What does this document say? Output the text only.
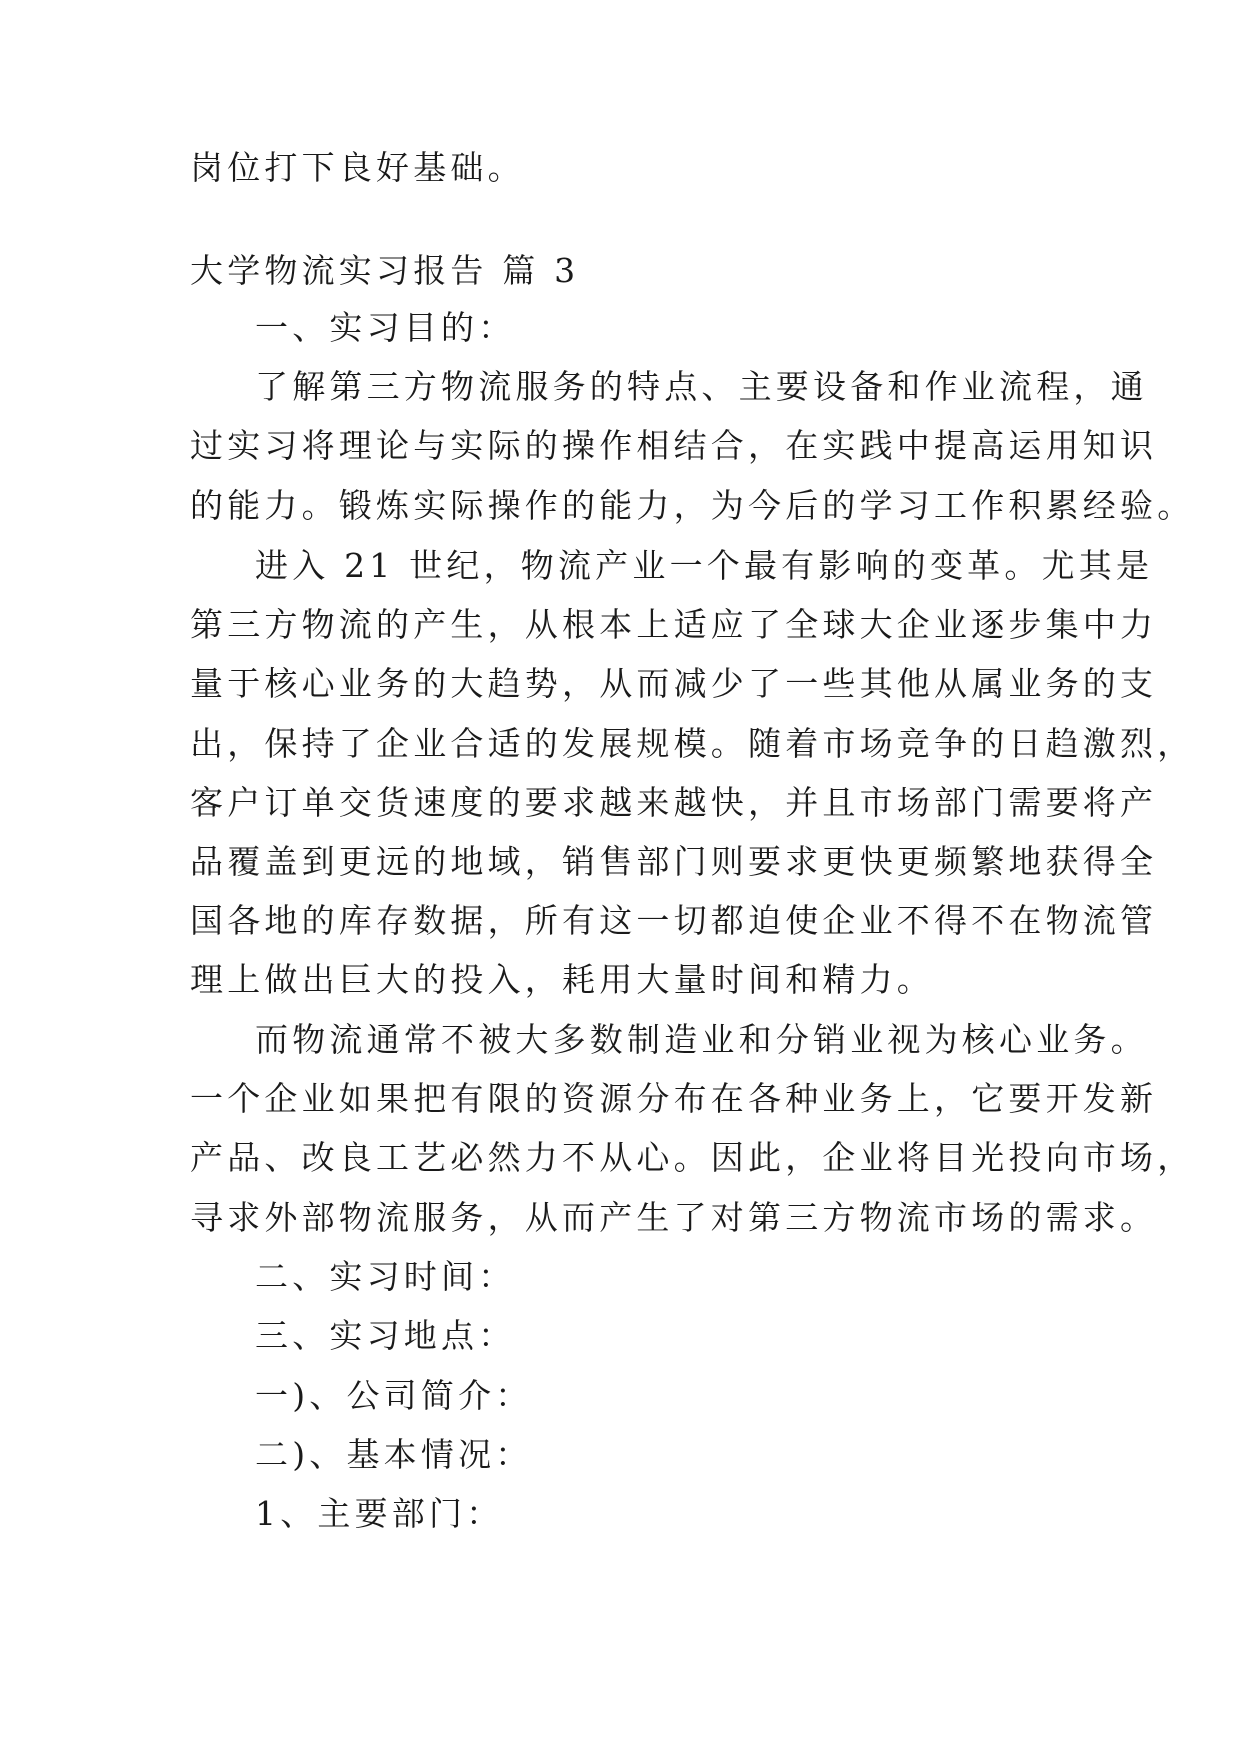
岗位打下良好基础。
大学物流实习报告 篇 3
一、实习目的：
了解第三方物流服务的特点、主要设备和作业流程，通
过实习将理论与实际的操作相结合，在实践中提高运用知识
的能力。锻炼实际操作的能力，为今后的学习工作积累经验。
进入 21 世纪，物流产业一个最有影响的变革。尤其是
第三方物流的产生，从根本上适应了全球大企业逐步集中力
量于核心业务的大趋势，从而减少了一些其他从属业务的支
出，保持了企业合适的发展规模。随着市场竞争的日趋激烈，
客户订单交货速度的要求越来越快，并且市场部门需要将产
品覆盖到更远的地域，销售部门则要求更快更频繁地获得全
国各地的库存数据，所有这一切都迫使企业不得不在物流管
理上做出巨大的投入，耗用大量时间和精力。
而物流通常不被大多数制造业和分销业视为核心业务。
一个企业如果把有限的资源分布在各种业务上，它要开发新
产品、改良工艺必然力不从心。因此，企业将目光投向市场，
寻求外部物流服务，从而产生了对第三方物流市场的需求。
二、实习时间：
三、实习地点：
一)、公司简介：
二)、基本情况：
1、主要部门：
